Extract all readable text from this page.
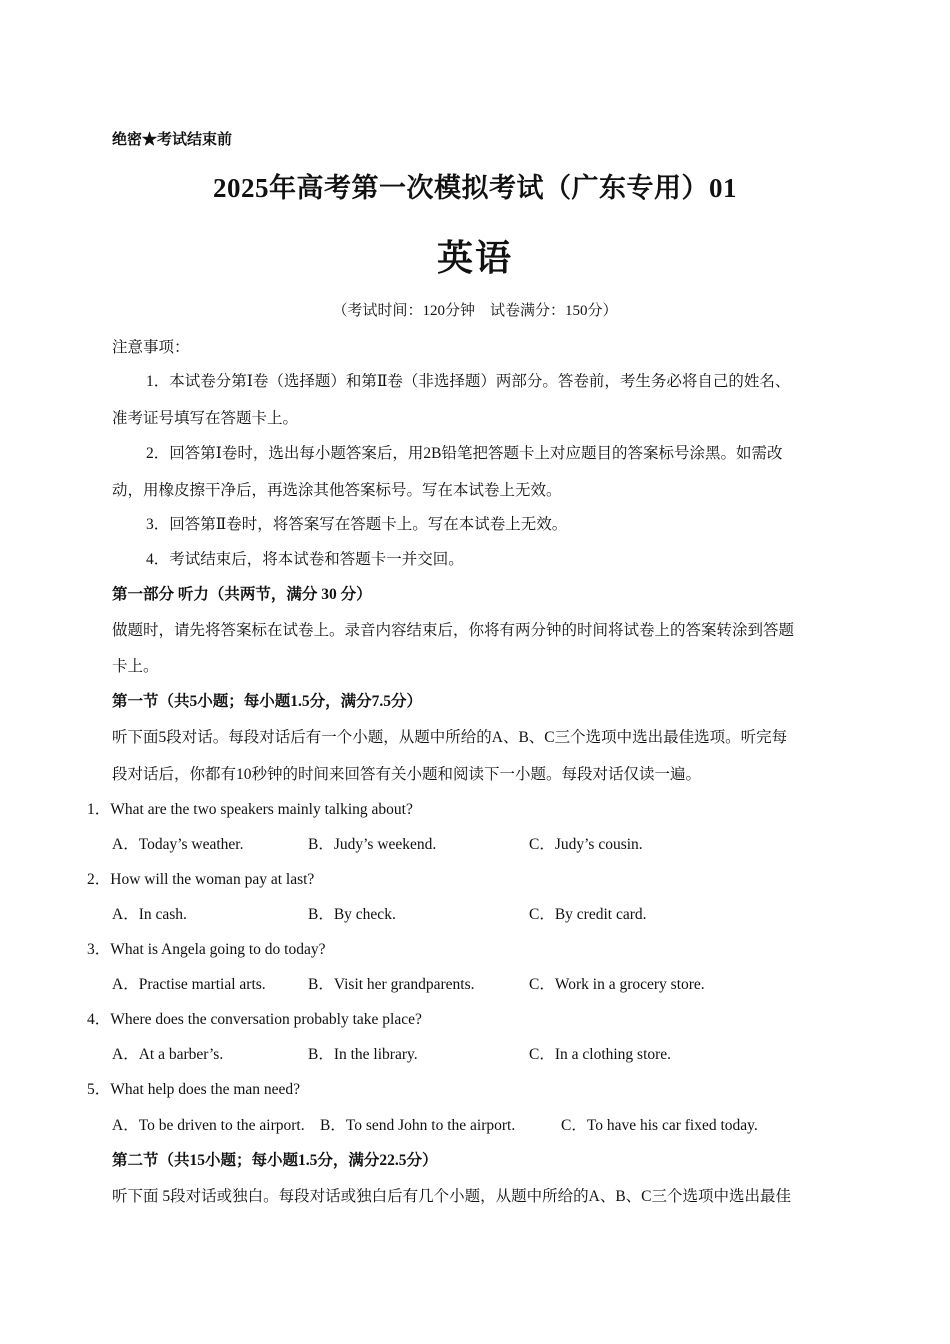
绝密★考试结束前
2025年高考第一次模拟考试（广东专用）01
英语
（考试时间：120分钟　试卷满分：150分）
注意事项：
1．本试卷分第Ⅰ卷（选择题）和第Ⅱ卷（非选择题）两部分。答卷前，考生务必将自己的姓名、
准考证号填写在答题卡上。
2．回答第Ⅰ卷时，选出每小题答案后，用2B铅笔把答题卡上对应题目的答案标号涂黑。如需改
动，用橡皮擦干净后，再选涂其他答案标号。写在本试卷上无效。
3．回答第Ⅱ卷时，将答案写在答题卡上。写在本试卷上无效。
4．考试结束后，将本试卷和答题卡一并交回。
第一部分 听力（共两节，满分 30 分）
做题时，请先将答案标在试卷上。录音内容结束后，你将有两分钟的时间将试卷上的答案转涂到答题
卡上。
第一节（共5小题；每小题1.5分，满分7.5分）
听下面5段对话。每段对话后有一个小题，从题中所给的A、B、C三个选项中选出最佳选项。听完每
段对话后，你都有10秒钟的时间来回答有关小题和阅读下一小题。每段对话仅读一遍。
1．What are the two speakers mainly talking about?
A．Today’s weather.	B．Judy’s weekend.	C．Judy’s cousin.
2．How will the woman pay at last?
A．In cash.	B．By check.	C．By credit card.
3．What is Angela going to do today?
A．Practise martial arts.	B．Visit her grandparents.	C．Work in a grocery store.
4．Where does the conversation probably take place?
A．At a barber’s.	B．In the library.	C．In a clothing store.
5．What help does the man need?
A．To be driven to the airport. B．To send John to the airport.	C．To have his car fixed today.
第二节（共15小题；每小题1.5分，满分22.5分）
听下面 5段对话或独白。每段对话或独白后有几个小题，从题中所给的A、B、C三个选项中选出最佳
